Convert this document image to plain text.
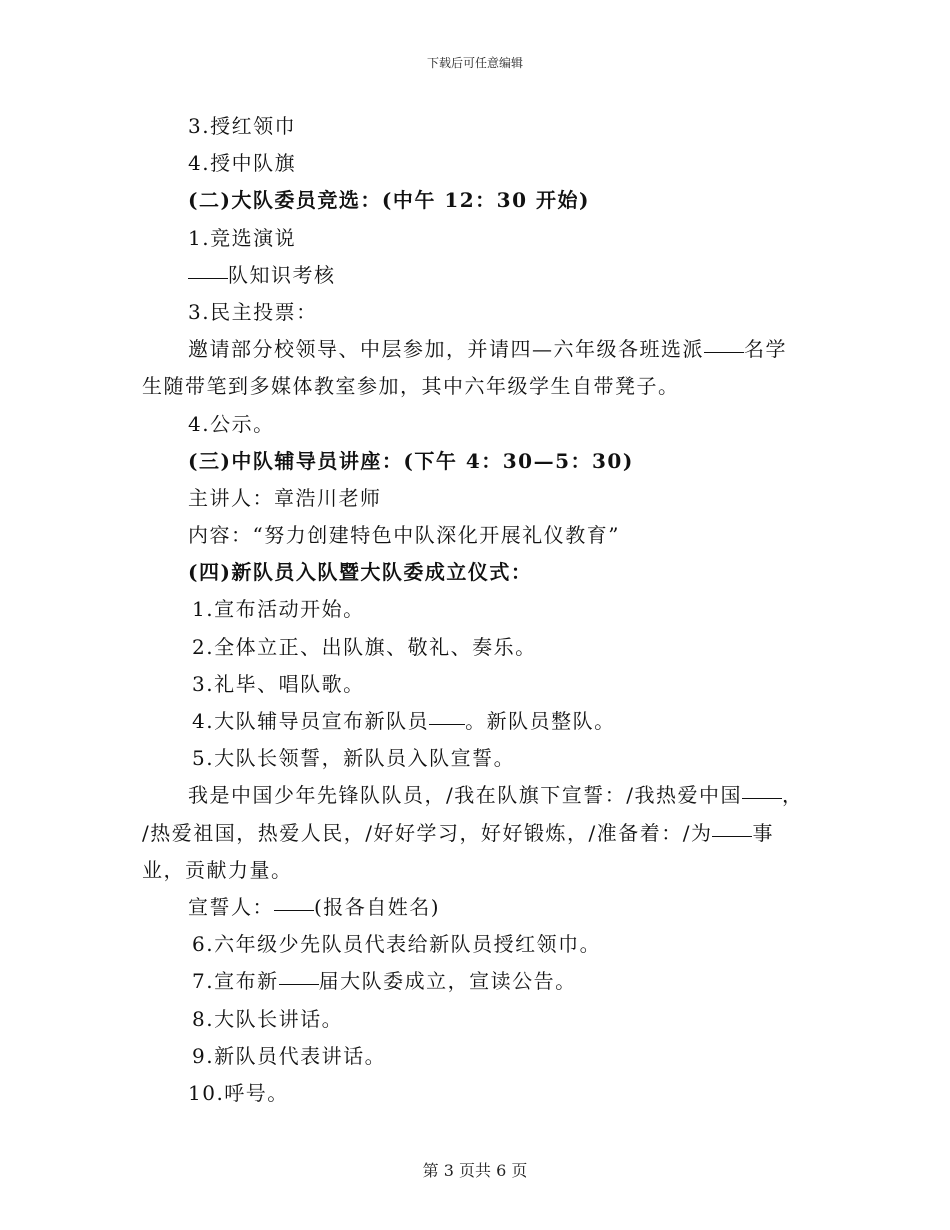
下载后可任意编辑
3.授红领巾
4.授中队旗
(二)大队委员竞选：(中午 12：30 开始)
1.竞选演说
队知识考核
3.民主投票：
邀请部分校领导、中层参加，并请四—六年级各班选派 名学
生随带笔到多媒体教室参加，其中六年级学生自带凳子。
4.公示。
(三)中队辅导员讲座：(下午 4：30—5：30)
主讲人：章浩川老师
内容：“努力创建特色中队深化开展礼仪教育”
(四)新队员入队暨大队委成立仪式：
1.宣布活动开始。
2.全体立正、出队旗、敬礼、奏乐。
3.礼毕、唱队歌。
4.大队辅导员宣布新队员 。新队员整队。
5.大队长领誓，新队员入队宣誓。
我是中国少年先锋队队员，/我在队旗下宣誓：/我热爱中国 ，
/热爱祖国，热爱人民，/好好学习，好好锻炼，/准备着：/为 事
业，贡献力量。
宣誓人： (报各自姓名)
6.六年级少先队员代表给新队员授红领巾。
7.宣布新 届大队委成立，宣读公告。
8.大队长讲话。
9.新队员代表讲话。
10.呼号。
第 3 页共 6 页
